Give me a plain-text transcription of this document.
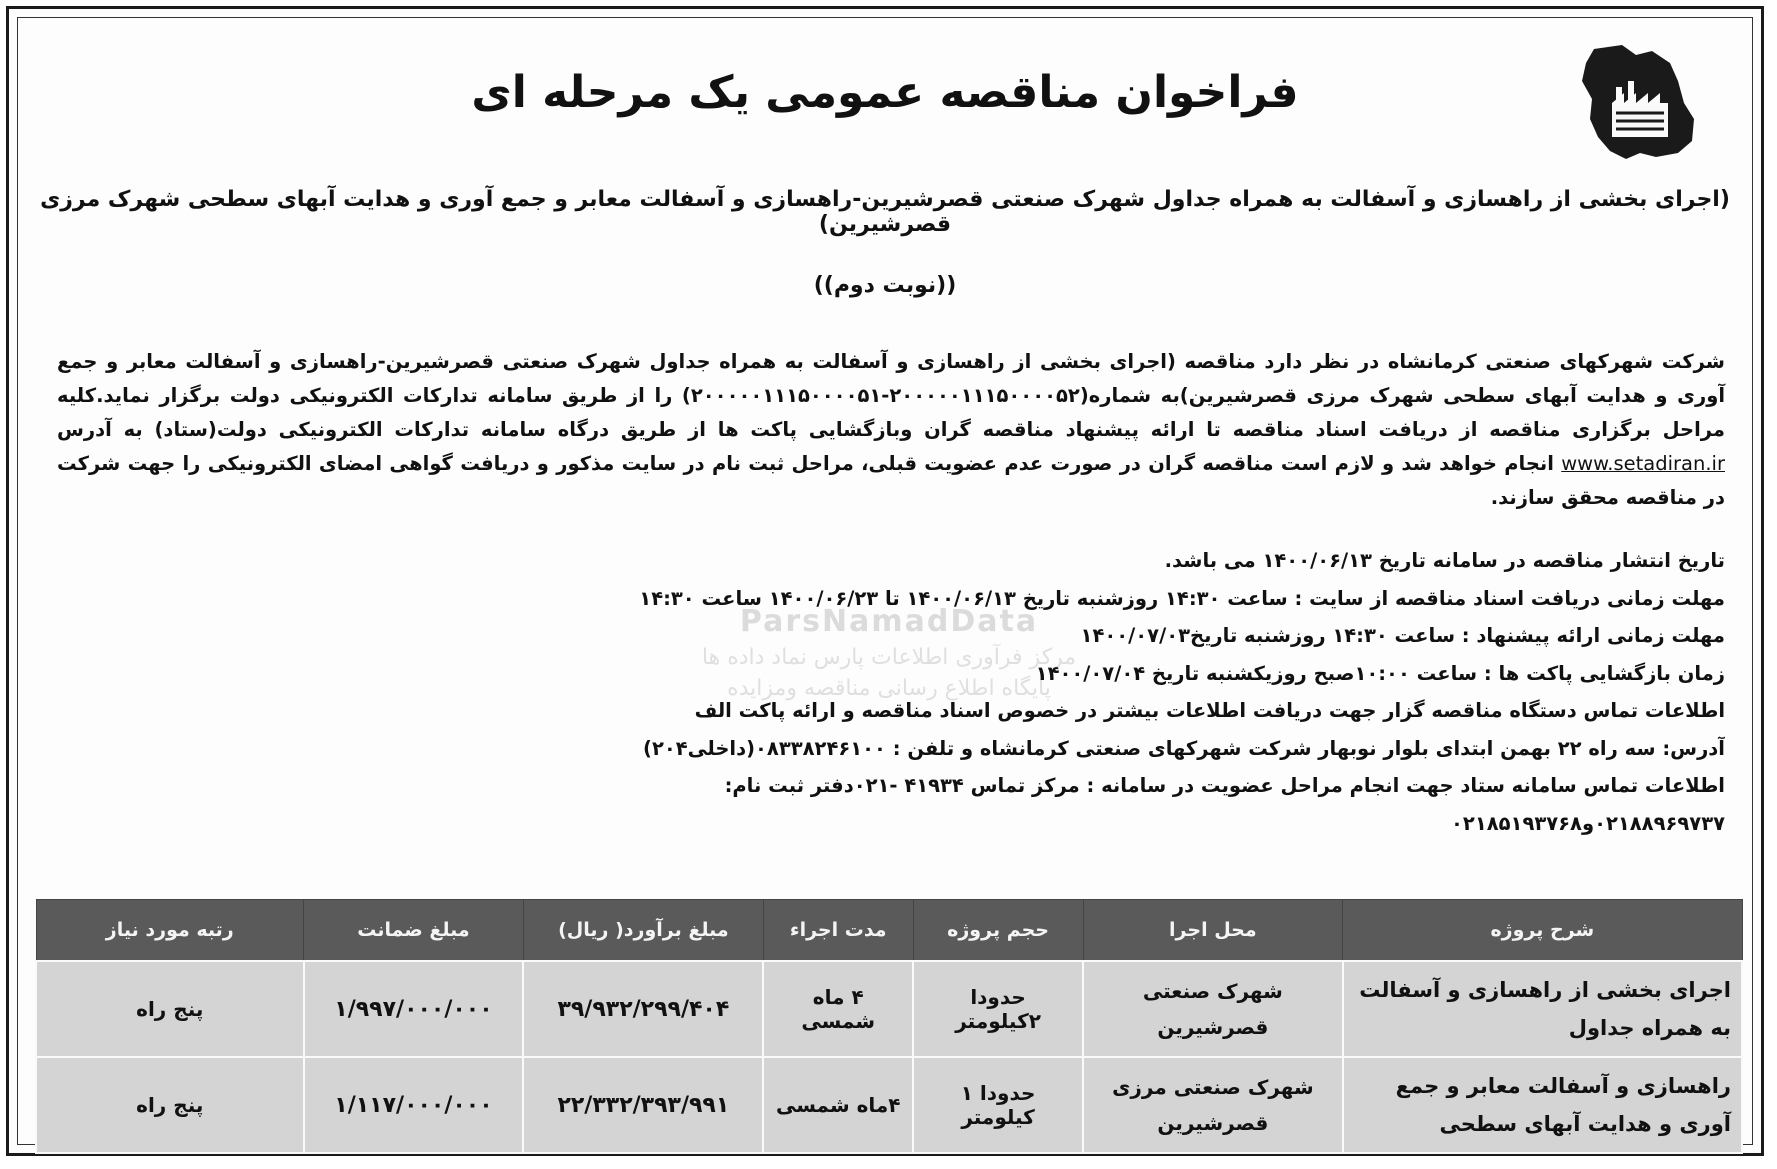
فراخوان مناقصه عمومی یک مرحله ای
(اجرای بخشی از راهسازی و آسفالت به همراه جداول شهرک صنعتی قصرشیرین-راهسازی و آسفالت معابر و جمع آوری و هدایت آبهای سطحی شهرک مرزی قصرشیرین)
((نوبت دوم))
ParsNamadData
مرکز فرآوری اطلاعات پارس نماد داده ها
پایگاه اطلاع رسانی مناقصه ومزایده
شرکت شهرکهای صنعتی کرمانشاه در نظر دارد مناقصه (اجرای بخشی از راهسازی و آسفالت به همراه جداول شهرک صنعتی قصرشیرین-راهسازی و آسفالت معابر و جمع آوری و هدایت آبهای سطحی شهرک مرزی قصرشیرین)به شماره(۲۰۰۰۰۰۱۱۱۵۰۰۰۰۵۲-۲۰۰۰۰۰۱۱۱۵۰۰۰۰۵۱) را از طریق سامانه تدارکات الکترونیکی دولت برگزار نماید.کلیه مراحل برگزاری مناقصه از دریافت اسناد مناقصه تا ارائه پیشنهاد مناقصه گران وبازگشایی پاکت ها از طریق درگاه سامانه تدارکات الکترونیکی دولت(ستاد) به آدرس www.setadiran.ir انجام خواهد شد و لازم است مناقصه گران در صورت عدم عضویت قبلی، مراحل ثبت نام در سایت مذکور و دریافت گواهی امضای الکترونیکی را جهت شرکت در مناقصه محقق سازند.
تاریخ انتشار مناقصه در سامانه تاریخ ۱۴۰۰/۰۶/۱۳ می باشد.
مهلت زمانی دریافت اسناد مناقصه از سایت : ساعت ۱۴:۳۰ روزشنبه تاریخ ۱۴۰۰/۰۶/۱۳ تا ۱۴۰۰/۰۶/۲۳ ساعت ۱۴:۳۰
مهلت زمانی ارائه پیشنهاد : ساعت ۱۴:۳۰ روزشنبه تاریخ۱۴۰۰/۰۷/۰۳
زمان بازگشایی پاکت ها : ساعت ۱۰:۰۰صبح روزیکشنبه تاریخ ۱۴۰۰/۰۷/۰۴
اطلاعات تماس دستگاه مناقصه گزار جهت دریافت اطلاعات بیشتر در خصوص اسناد مناقصه و ارائه پاکت الف
آدرس: سه راه ۲۲ بهمن ابتدای بلوار نوبهار شرکت شهرکهای صنعتی کرمانشاه و تلفن : ۰۸۳۳۸۲۴۶۱۰۰(داخلی۲۰۴)
اطلاعات تماس سامانه ستاد جهت انجام مراحل عضویت در سامانه : مرکز تماس ۴۱۹۳۴ -۰۲۱دفتر ثبت نام:
۰۲۱۸۸۹۶۹۷۳۷و۰۲۱۸۵۱۹۳۷۶۸
شرح پروژه	محل اجرا	حجم پروژه	مدت اجراء	مبلغ برآورد( ریال)	مبلغ ضمانت	رتبه مورد نیاز
اجرای بخشی از راهسازی و آسفالت به همراه جداول	شهرک صنعتی قصرشیرین	حدودا ۲کیلومتر	۴ ماه شمسی	۳۹/۹۳۲/۲۹۹/۴۰۴	۱/۹۹۷/۰۰۰/۰۰۰	پنج راه
راهسازی و آسفالت معابر و جمع آوری و هدایت آبهای سطحی	شهرک صنعتی مرزی قصرشیرین	حدودا ۱ کیلومتر	۴ماه شمسی	۲۲/۳۳۲/۳۹۳/۹۹۱	۱/۱۱۷/۰۰۰/۰۰۰	پنج راه
